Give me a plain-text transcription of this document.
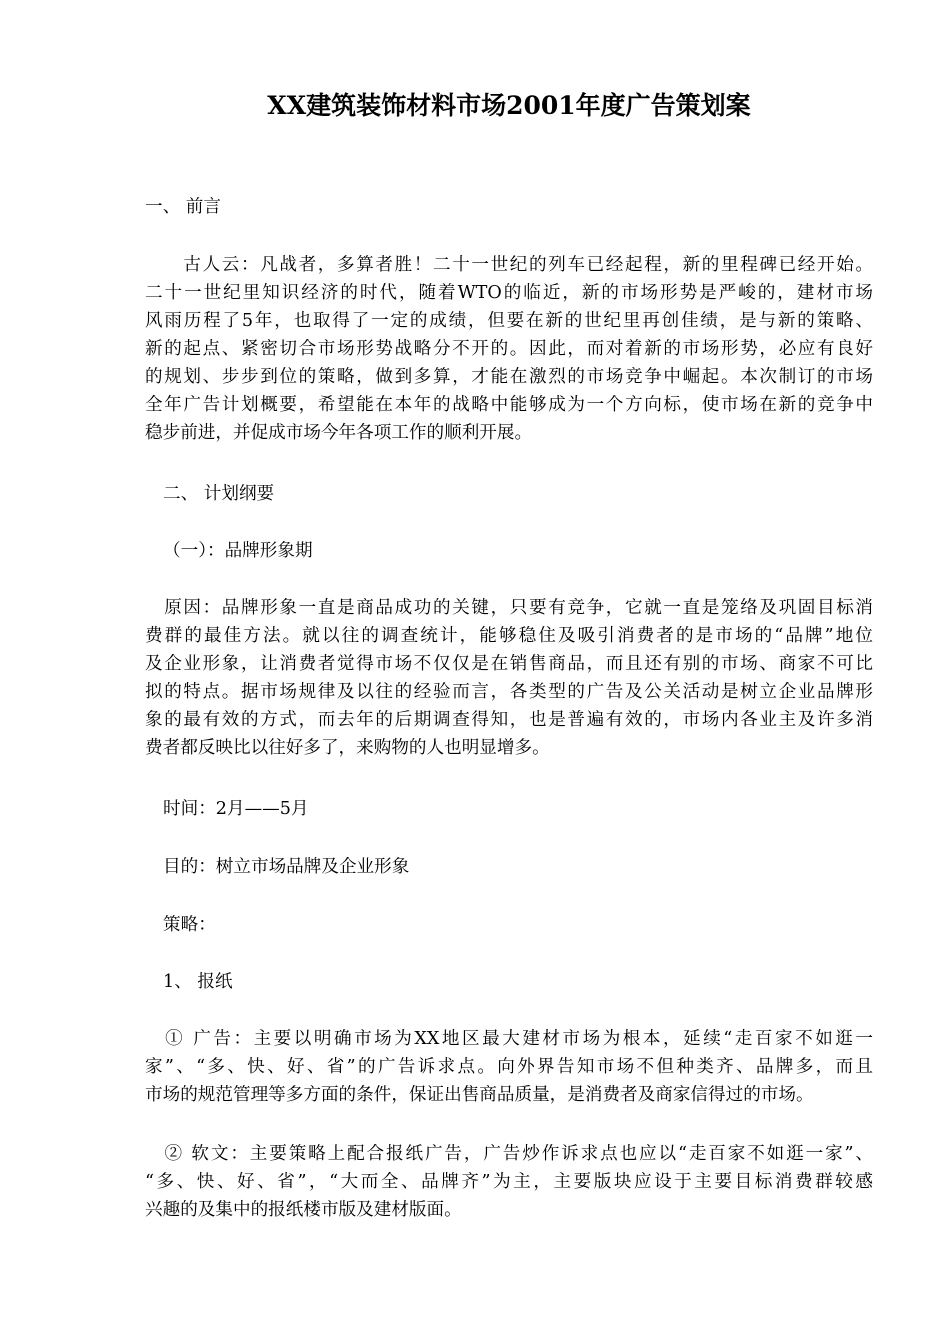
XX建筑装饰材料市场2001年度广告策划案
一、 前言
　　古人云：凡战者，多算者胜！二十一世纪的列车已经起程，新的里程碑已经开始。
二十一世纪里知识经济的时代，随着WTO的临近，新的市场形势是严峻的，建材市场
风雨历程了5年，也取得了一定的成绩，但要在新的世纪里再创佳绩，是与新的策略、
新的起点、紧密切合市场形势战略分不开的。因此，而对着新的市场形势，必应有良好
的规划、步步到位的策略，做到多算，才能在激烈的市场竞争中崛起。本次制订的市场
全年广告计划概要，希望能在本年的战略中能够成为一个方向标，使市场在新的竞争中
稳步前进，并促成市场今年各项工作的顺利开展。
二、 计划纲要
（一）：品牌形象期
　原因：品牌形象一直是商品成功的关键，只要有竞争，它就一直是笼络及巩固目标消
费群的最佳方法。就以往的调查统计，能够稳住及吸引消费者的是市场的“品牌”地位
及企业形象，让消费者觉得市场不仅仅是在销售商品，而且还有别的市场、商家不可比
拟的特点。据市场规律及以往的经验而言，各类型的广告及公关活动是树立企业品牌形
象的最有效的方式，而去年的后期调查得知，也是普遍有效的，市场内各业主及许多消
费者都反映比以往好多了，来购物的人也明显增多。
时间：2月——5月
目的：树立市场品牌及企业形象
策略：
1、 报纸
　① 广告：主要以明确市场为XX地区最大建材市场为根本，延续“走百家不如逛一
家”、“多、快、好、省”的广告诉求点。向外界告知市场不但种类齐、品牌多，而且
市场的规范管理等多方面的条件，保证出售商品质量，是消费者及商家信得过的市场。
　② 软文：主要策略上配合报纸广告，广告炒作诉求点也应以“走百家不如逛一家”、
“多、快、好、省”，“大而全、品牌齐”为主，主要版块应设于主要目标消费群较感
兴趣的及集中的报纸楼市版及建材版面。
